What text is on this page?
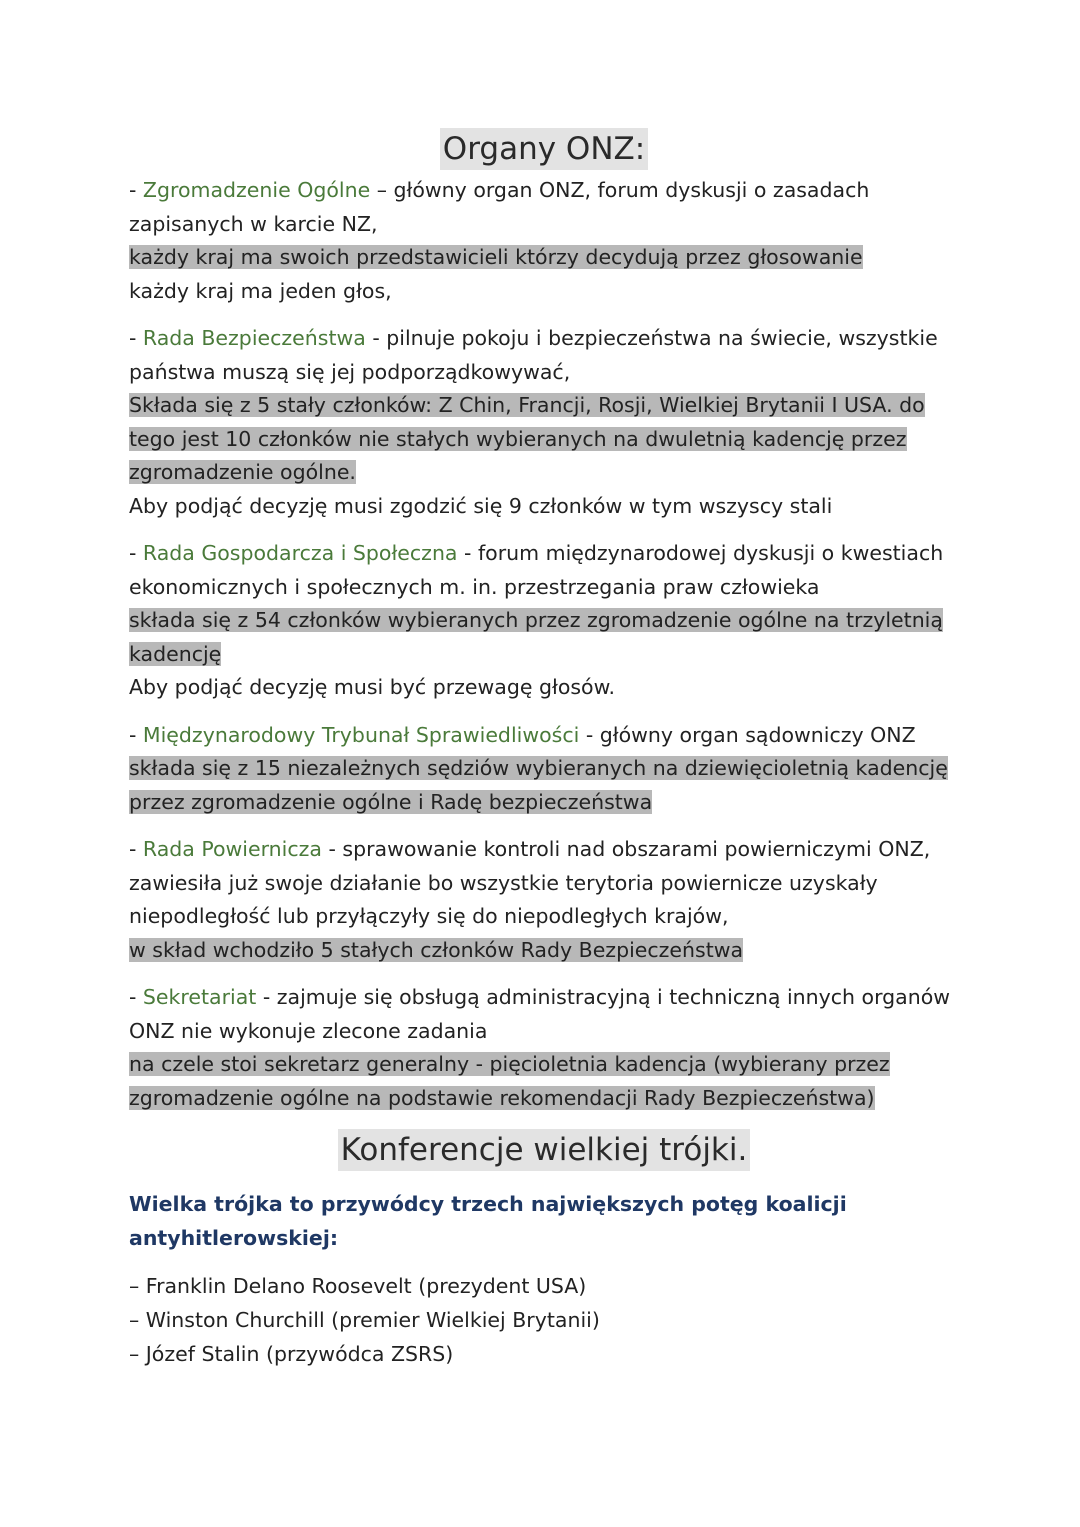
Organy ONZ:
- Zgromadzenie Ogólne – główny organ ONZ, forum dyskusji o zasadach
zapisanych w karcie NZ,
każdy kraj ma swoich przedstawicieli którzy decydują przez głosowanie
każdy kraj ma jeden głos,
- Rada Bezpieczeństwa - pilnuje pokoju i bezpieczeństwa na świecie, wszystkie
państwa muszą się jej podporządkowywać,
Składa się z 5 stały członków: Z Chin, Francji, Rosji, Wielkiej Brytanii I USA. do
tego jest 10 członków nie stałych wybieranych na dwuletnią kadencję przez
zgromadzenie ogólne.
Aby podjąć decyzję musi zgodzić się 9 członków w tym wszyscy stali
- Rada Gospodarcza i Społeczna - forum międzynarodowej dyskusji o kwestiach
ekonomicznych i społecznych m. in. przestrzegania praw człowieka
składa się z 54 członków wybieranych przez zgromadzenie ogólne na trzyletnią
kadencję
Aby podjąć decyzję musi być przewagę głosów.
- Międzynarodowy Trybunał Sprawiedliwości - główny organ sądowniczy ONZ
składa się z 15 niezależnych sędziów wybieranych na dziewięcioletnią kadencję
przez zgromadzenie ogólne i Radę bezpieczeństwa
- Rada Powiernicza - sprawowanie kontroli nad obszarami powierniczymi ONZ,
zawiesiła już swoje działanie bo wszystkie terytoria powiernicze uzyskały
niepodległość lub przyłączyły się do niepodległych krajów,
w skład wchodziło 5 stałych członków Rady Bezpieczeństwa
- Sekretariat - zajmuje się obsługą administracyjną i techniczną innych organów
ONZ nie wykonuje zlecone zadania
na czele stoi sekretarz generalny - pięcioletnia kadencja (wybierany przez
zgromadzenie ogólne na podstawie rekomendacji Rady Bezpieczeństwa)
Konferencje wielkiej trójki.
Wielka trójka to przywódcy trzech największych potęg koalicji
antyhitlerowskiej:
– Franklin Delano Roosevelt (prezydent USA)
– Winston Churchill (premier Wielkiej Brytanii)
– Józef Stalin (przywódca ZSRS)
